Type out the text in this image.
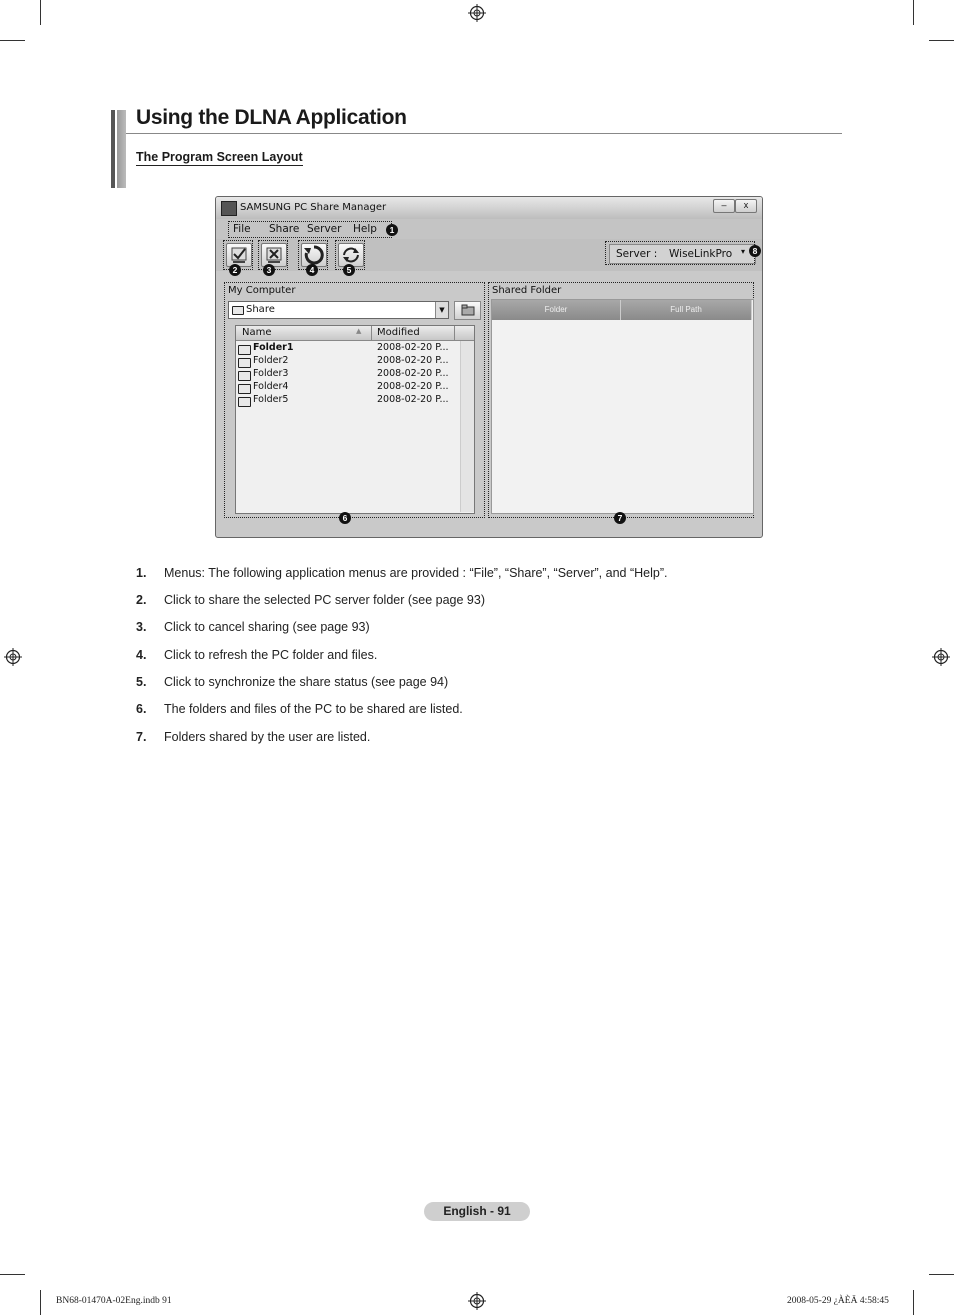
Using the DLNA Application
The Program Screen Layout
SAMSUNG PC Share Manager	–	x
File Share Server Help	1
2	3	4	5
Server : WiseLinkPro ▾ 8
My Computer
Share	▼
Name	▲ Modified
Folder1	2008-02-20 P...
Folder2	2008-02-20 P...
Folder3	2008-02-20 P...
Folder4	2008-02-20 P...
Folder5	2008-02-20 P...
6
Shared Folder
Folder	Full Path
7
1. Menus: The following application menus are provided : “File”, “Share”, “Server”, and “Help”.
2. Click to share the selected PC server folder (see page 93)
3. Click to cancel sharing (see page 93)
4. Click to refresh the PC folder and files.
5. Click to synchronize the share status (see page 94)
6. The folders and files of the PC to be shared are listed.
7. Folders shared by the user are listed.
English - 91
BN68-01470A-02Eng.indb 91	2008-05-29 ¿ÀÈÄ 4:58:45
